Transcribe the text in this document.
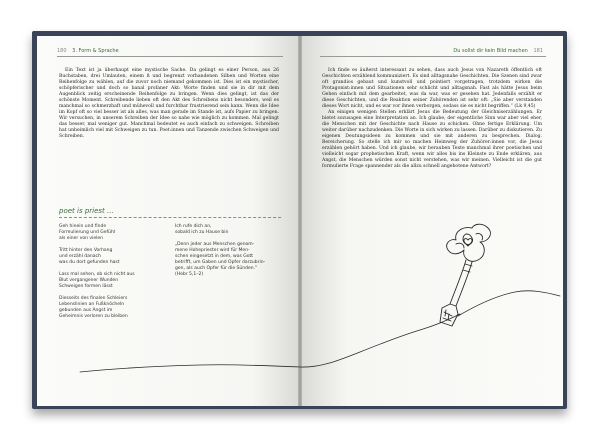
180 3. Form & Sprache

Ein Text ist ja überhaupt eine mystische Sache. Da gelingt es einer Person, aus 26 Buchstaben, drei Umlauten, einem ß und begrenzt vorhandenen Silben und Worten eine Reihenfolge zu wählen, auf die zuvor noch niemand gekommen ist. Dies ist ein mystischer, schöpferischer und doch so banal profaner Akt: Worte finden und sie in dir mit dem Augenblick zeitig erscheinende Reihenfolge zu bringen. Wenn dies gelingt, ist das der schönste Moment. Schreibende lieben oft den Akt des Schreibens nicht besonders, weil es manchmal so schmerzhaft und mühevoll und furchtbar frustrierend sein kann. Wenn die Idee im Kopf oft so viel besser ist als alles, was man gerade im Stande ist, aufs Papier zu bringen. Wir versuchen, in unserem Schreiben der Idee so nahe wie möglich zu kommen. Mal gelingt das besser, mal weniger gut. Manchmal bedeutet es auch einfach zu schweigen. Schreiben hat unheimlich viel mit Schweigen zu tun. Poet:innen und Tanzende zwischen Schweigen und Schreiben.

poet is priest ...
Geh hinein und finde
Formulierung und Gefühl
als einer von vielen
Tritt hinter den Vorhang
und erzähl danach
was du dort gefunden hast
Lass mal sehen, ob sich nicht aus
Blut vergangener Wunden
Schweigen formen lässt
Diesseits des finalen Schleiers
Lebenslinien an Fußknöcheln
gebunden aus Angst im
Geheimnis verloren zu bleiben
Ich rufe dich an,
sobald ich zu Hause bin
„Denn jeder aus Menschen genom-
mene Hohepriester wird für Men-
schen eingesetzt in dem, was Gott
betrifft, um Gaben und Opfer darzubrin-
gen, als auch Opfer für die Sünden.“
(Hebr 5,1–2)
Du sollst dir kein Bild machen 181

Ich finde es äußerst interessant zu sehen, dass auch Jesus von Nazareth öffentlich oft Geschichten erzählend kommuniziert. Es sind alltagsnahe Geschichten. Die Szenen sind zwar oft grandios gebaut und kunstvoll und pointiert vorgetragen, trotzdem wirken die Protagonist:innen und Situationen sehr schlicht und alltagsnah. Fast als hätte Jesus beim Gehen einfach mit dem gearbeitet, was da war, was er gesehen hat. Jedenfalls erzählt er diese Geschichten, und die Reaktion seiner Zuhörenden ist sehr oft: „Sie aber verstanden dieses Wort nicht, und es war vor ihnen verborgen, sodass sie es nicht begriffen.“ (Lk 9,45)

An einigen wenigen Stellen erklärt Jesus die Bedeutung der Gleichniserzählungen. Er bietet sozusagen eine Interpretation an. Ich glaube, der eigentliche Sinn war aber viel eher, die Menschen mit der Geschichte nach Hause zu schicken. Ohne fertige Erklärung. Um weiter darüber nachzudenken. Die Worte in sich wirken zu lassen. Darüber zu diskutieren. Zu eigenen Deutungsideen zu kommen und sie mit anderen zu besprechen. Dialog. Bereicherung. So stelle ich mir so machen Heimweg der Zuhörer:innen vor, die Jesus erzählen gehört haben. Und ich glaube, wir berauben Texte manchmal ihrer poetischen und vielleicht sogar prophetischen Kraft, wenn wir alles bis ins Kleinste zu Ende erklären, aus Angst, die Menschen würden sonst nicht verstehen, was wir meinen. Vielleicht ist die gut formulierte Frage spannender als die allzu schnell angebotene Antwort?
